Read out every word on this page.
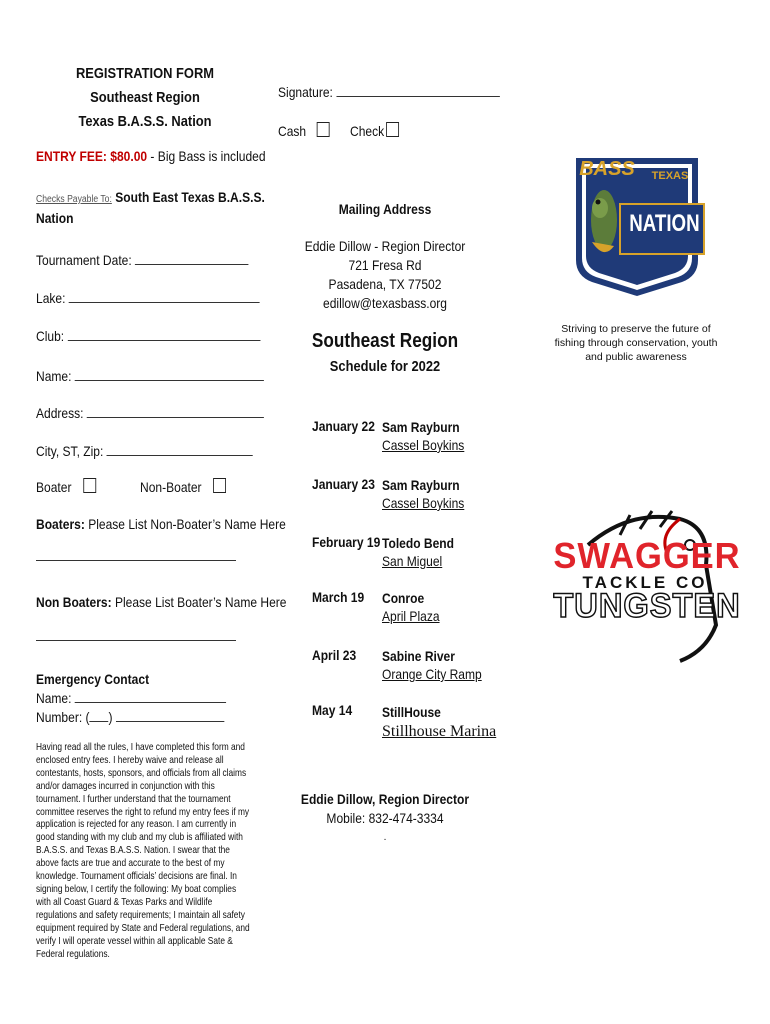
REGISTRATION FORM
Southeast Region
Texas B.A.S.S. Nation
ENTRY FEE: $80.00 - Big Bass is included
Checks Payable To: South East Texas B.A.S.S.
Nation
Tournament Date:
Lake:
Club:
Name:
Address:
City, ST, Zip:
Boater	Non-Boater
Boaters: Please List Non-Boater’s Name Here
Non Boaters: Please List Boater’s Name Here
Emergency Contact
Name:
Number: ( )
Having read all the rules, I have completed this form and enclosed entry fees. I hereby waive and release all contestants, hosts, sponsors, and officials from all claims and/or damages incurred in conjunction with this tournament. I further understand that the tournament committee reserves the right to refund my entry fees if my application is rejected for any reason. I am currently in good standing with my club and my club is affiliated with B.A.S.S. and Texas B.A.S.S. Nation. I swear that the above facts are true and accurate to the best of my knowledge. Tournament officials’ decisions are final. In signing below, I certify the following: My boat complies with all Coast Guard & Texas Parks and Wildlife regulations and safety requirements; I maintain all safety equipment required by State and Federal regulations, and verify I will operate vessel within all applicable Sate & Federal regulations.
Signature:
Cash	Check
Mailing Address
Eddie Dillow - Region Director
721 Fresa Rd
Pasadena, TX 77502
edillow@texasbass.org
Southeast Region
Schedule for 2022
January 22 Sam Rayburn
Cassel Boykins
January 23 Sam Rayburn
Cassel Boykins
February 19 Toledo Bend
San Miguel
March 19 Conroe
April Plaza
April 23 Sabine River
Orange City Ramp
May 14 StillHouse
Stillhouse Marina
Eddie Dillow, Region Director
Mobile: 832-474-3334
.
BASS	TEXAS
NATION
Striving to preserve the future of fishing through conservation, youth and public awareness
SWAGGER
TACKLE CO
TUNGSTEN
